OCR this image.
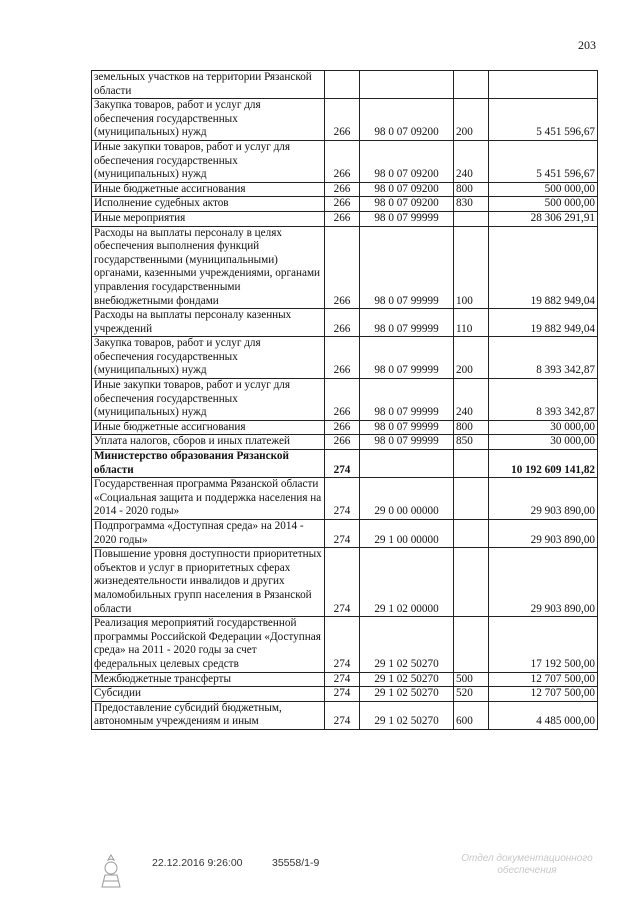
203
земельных участков на территории Рязанской области				
Закупка товаров, работ и услуг для обеспечения государственных (муниципальных) нужд	266	98 0 07 09200	200	5 451 596,67
Иные закупки товаров, работ и услуг для обеспечения государственных (муниципальных) нужд	266	98 0 07 09200	240	5 451 596,67
Иные бюджетные ассигнования	266	98 0 07 09200	800	500 000,00
Исполнение судебных актов	266	98 0 07 09200	830	500 000,00
Иные мероприятия	266	98 0 07 99999		28 306 291,91
Расходы на выплаты персоналу в целях обеспечения выполнения функций государственными (муниципальными) органами, казенными учреждениями, органами управления государственными внебюджетными фондами	266	98 0 07 99999	100	19 882 949,04
Расходы на выплаты персоналу казенных учреждений	266	98 0 07 99999	110	19 882 949,04
Закупка товаров, работ и услуг для обеспечения государственных (муниципальных) нужд	266	98 0 07 99999	200	8 393 342,87
Иные закупки товаров, работ и услуг для обеспечения государственных (муниципальных) нужд	266	98 0 07 99999	240	8 393 342,87
Иные бюджетные ассигнования	266	98 0 07 99999	800	30 000,00
Уплата налогов, сборов и иных платежей	266	98 0 07 99999	850	30 000,00
Министерство образования Рязанской области	274			10 192 609 141,82
Государственная программа Рязанской области «Социальная защита и поддержка населения на 2014 - 2020 годы»	274	29 0 00 00000		29 903 890,00
Подпрограмма «Доступная среда» на 2014 - 2020 годы»	274	29 1 00 00000		29 903 890,00
Повышение уровня доступности приоритетных объектов и услуг в приоритетных сферах жизнедеятельности инвалидов и других маломобильных групп населения в Рязанской области	274	29 1 02 00000		29 903 890,00
Реализация мероприятий государственной программы Российской Федерации «Доступная среда» на 2011 - 2020 годы за счет федеральных целевых средств	274	29 1 02 50270		17 192 500,00
Межбюджетные трансферты	274	29 1 02 50270	500	12 707 500,00
Субсидии	274	29 1 02 50270	520	12 707 500,00
Предоставление субсидий бюджетным, автономным учреждениям и иным	274	29 1 02 50270	600	4 485 000,00
22.12.2016 9:26:00	35558/1-9	Отдел документационного
обеспечения
